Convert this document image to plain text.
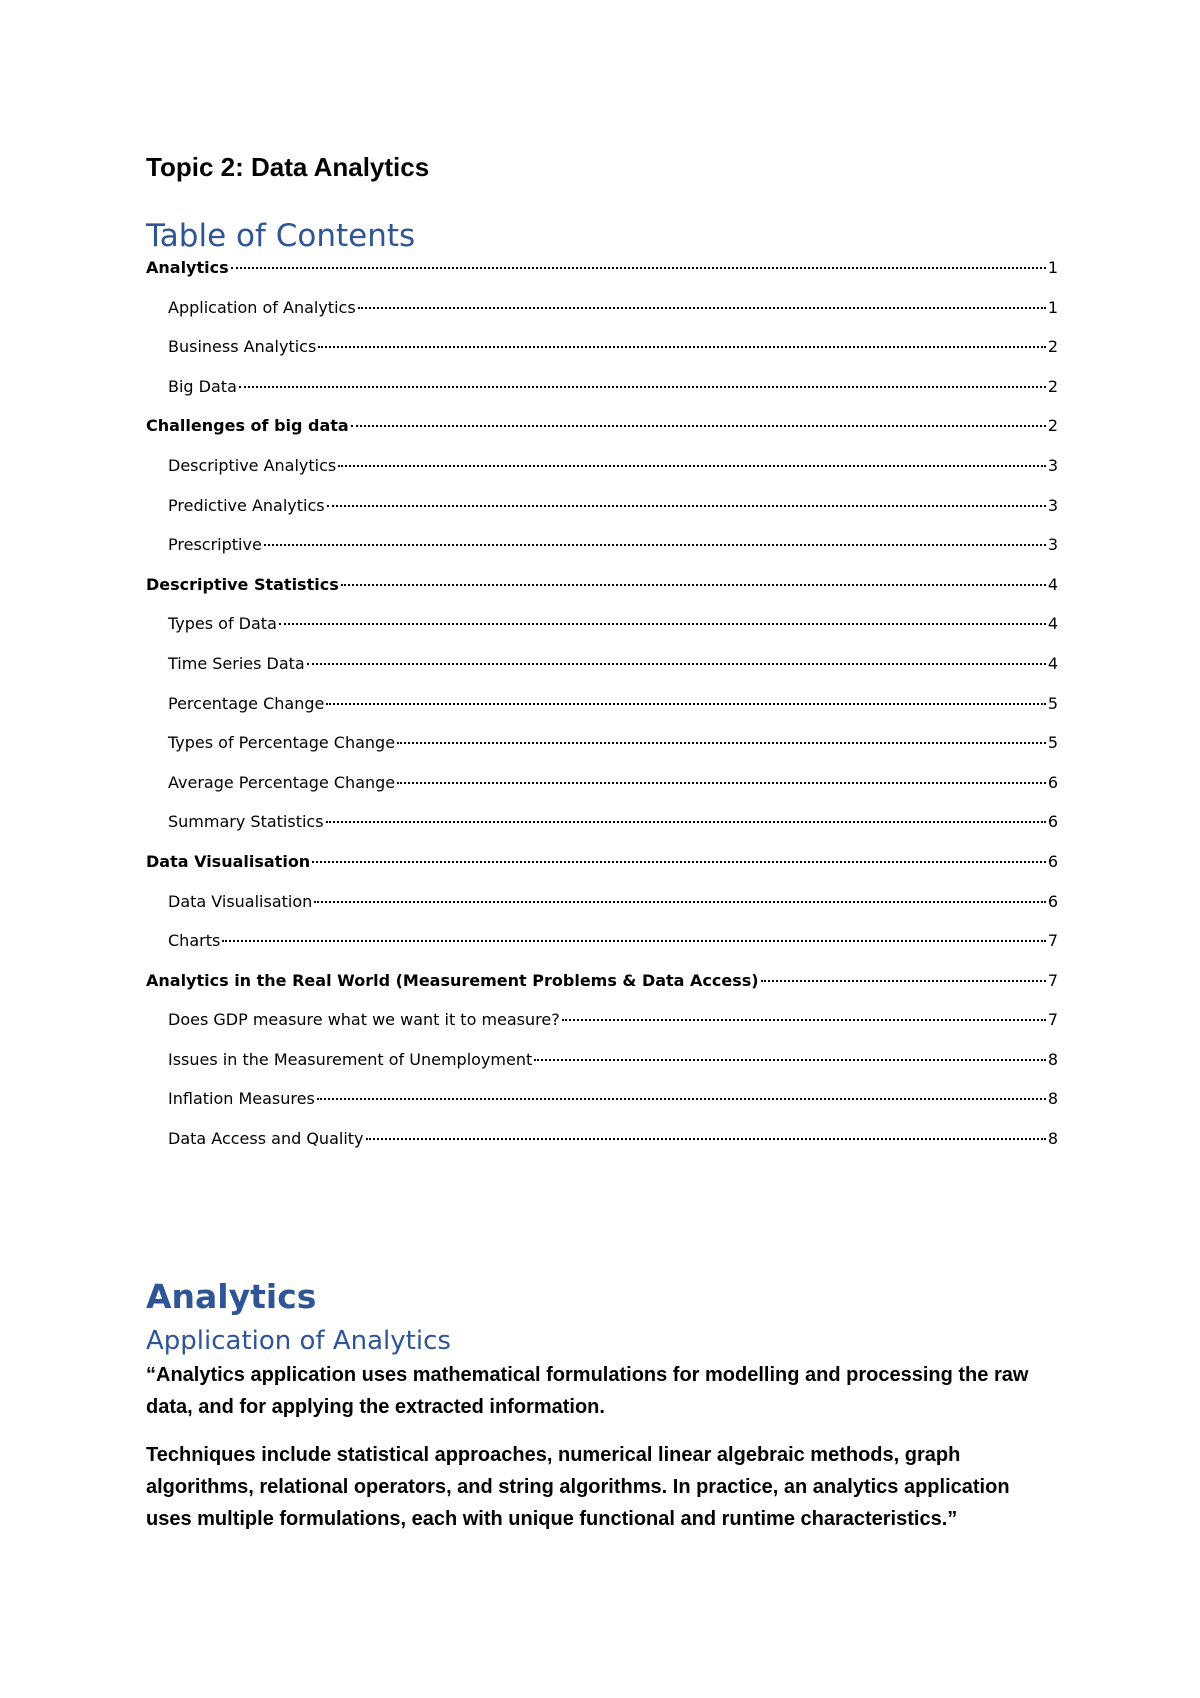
Topic 2: Data Analytics
Table of Contents
Analytics	1
Application of Analytics	1
Business Analytics	2
Big Data	2
Challenges of big data	2
Descriptive Analytics	3
Predictive Analytics	3
Prescriptive	3
Descriptive Statistics	4
Types of Data	4
Time Series Data	4
Percentage Change	5
Types of Percentage Change	5
Average Percentage Change	6
Summary Statistics	6
Data Visualisation	6
Data Visualisation	6
Charts	7
Analytics in the Real World (Measurement Problems & Data Access)	7
Does GDP measure what we want it to measure?	7
Issues in the Measurement of Unemployment	8
Inflation Measures	8
Data Access and Quality	8
Analytics
Application of Analytics

“Analytics application uses mathematical formulations for modelling and processing the raw data, and for applying the extracted information.

Techniques include statistical approaches, numerical linear algebraic methods, graph algorithms, relational operators, and string algorithms. In practice, an analytics application uses multiple formulations, each with unique functional and runtime characteristics.”
